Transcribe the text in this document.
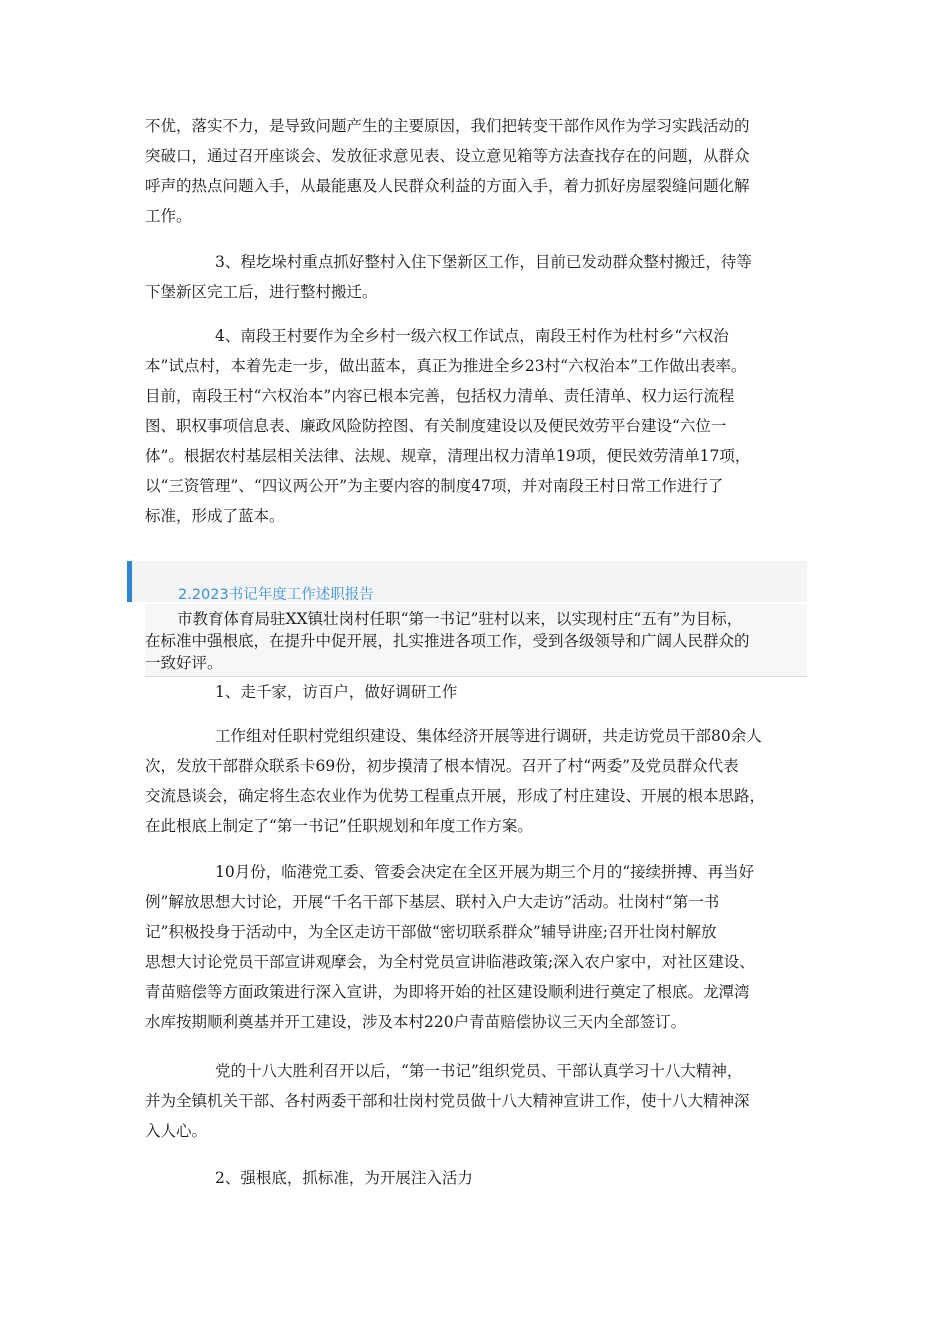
不优，落实不力，是导致问题产生的主要原因，我们把转变干部作风作为学习实践活动的
突破口，通过召开座谈会、发放征求意见表、设立意见箱等方法查找存在的问题，从群众
呼声的热点问题入手，从最能惠及人民群众利益的方面入手，着力抓好房屋裂缝问题化解
工作。

3、程圪垛村重点抓好整村入住下堡新区工作，目前已发动群众整村搬迁，待等
下堡新区完工后，进行整村搬迁。

4、南段王村要作为全乡村一级六权工作试点，南段王村作为杜村乡“六权治
本”试点村，本着先走一步，做出蓝本，真正为推进全乡23村“六权治本”工作做出表率。
目前，南段王村“六权治本”内容已根本完善，包括权力清单、责任清单、权力运行流程
图、职权事项信息表、廉政风险防控图、有关制度建设以及便民效劳平台建设“六位一
体”。根据农村基层相关法律、法规、规章，清理出权力清单19项，便民效劳清单17项，
以“三资管理”、“四议两公开”为主要内容的制度47项，并对南段王村日常工作进行了
标准，形成了蓝本。

2.2023书记年度工作述职报告

市教育体育局驻XX镇壮岗村任职“第一书记”驻村以来，以实现村庄“五有”为目标，
在标准中强根底，在提升中促开展，扎实推进各项工作，受到各级领导和广阔人民群众的
一致好评。

1、走千家，访百户，做好调研工作

工作组对任职村党组织建设、集体经济开展等进行调研，共走访党员干部80余人
次，发放干部群众联系卡69份，初步摸清了根本情况。召开了村“两委”及党员群众代表
交流恳谈会，确定将生态农业作为优势工程重点开展，形成了村庄建设、开展的根本思路，
在此根底上制定了“第一书记”任职规划和年度工作方案。

10月份，临港党工委、管委会决定在全区开展为期三个月的“接续拼搏、再当好
例”解放思想大讨论，开展“千名干部下基层、联村入户大走访”活动。壮岗村“第一书
记”积极投身于活动中，为全区走访干部做“密切联系群众”辅导讲座;召开壮岗村解放
思想大讨论党员干部宣讲观摩会，为全村党员宣讲临港政策;深入农户家中，对社区建设、
青苗赔偿等方面政策进行深入宣讲，为即将开始的社区建设顺利进行奠定了根底。龙潭湾
水库按期顺利奠基并开工建设，涉及本村220户青苗赔偿协议三天内全部签订。

党的十八大胜利召开以后，“第一书记”组织党员、干部认真学习十八大精神，
并为全镇机关干部、各村两委干部和壮岗村党员做十八大精神宣讲工作，使十八大精神深
入人心。

2、强根底，抓标准，为开展注入活力
